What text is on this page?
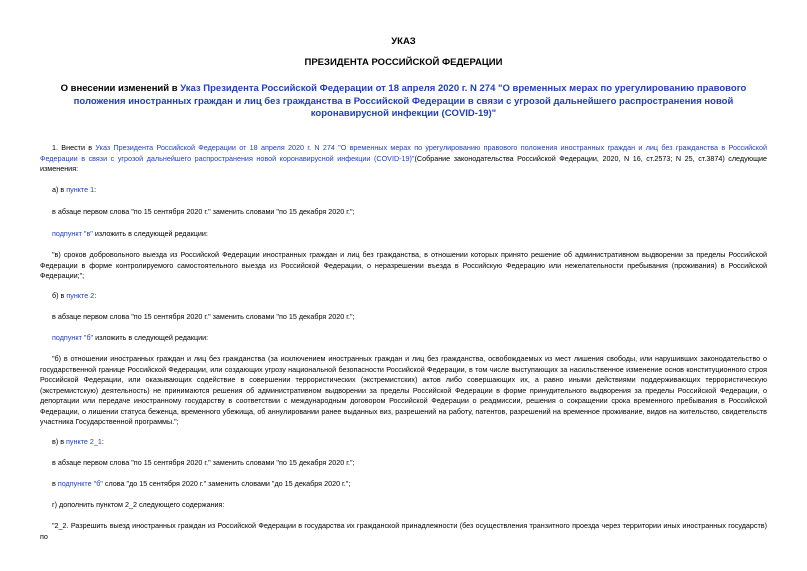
УКАЗ
ПРЕЗИДЕНТА РОССИЙСКОЙ ФЕДЕРАЦИИ
О внесении изменений в Указ Президента Российской Федерации от 18 апреля 2020 г. N 274 "О временных мерах по урегулированию правового положения иностранных граждан и лиц без гражданства в Российской Федерации в связи с угрозой дальнейшего распространения новой коронавирусной инфекции (COVID-19)"
1. Внести в Указ Президента Российской Федерации от 18 апреля 2020 г. N 274 "О временных мерах по урегулированию правового положения иностранных граждан и лиц без гражданства в Российской Федерации в связи с угрозой дальнейшего распространения новой коронавирусной инфекции (COVID-19)"(Собрание законодательства Российской Федерации, 2020, N 16, ст.2573; N 25, ст.3874) следующие изменения:
а) в пункте 1:
в абзаце первом слова "по 15 сентября 2020 г." заменить словами "по 15 декабря 2020 г.";
подпункт "в" изложить в следующей редакции:
"в) сроков добровольного выезда из Российской Федерации иностранных граждан и лиц без гражданства, в отношении которых принято решение об административном выдворении за пределы Российской Федерации в форме контролируемого самостоятельного выезда из Российской Федерации, о неразрешении въезда в Российскую Федерацию или нежелательности пребывания (проживания) в Российской Федерации;";
б) в пункте 2:
в абзаце первом слова "по 15 сентября 2020 г." заменить словами "по 15 декабря 2020 г.";
подпункт "б" изложить в следующей редакции:
"б) в отношении иностранных граждан и лиц без гражданства (за исключением иностранных граждан и лиц без гражданства, освобождаемых из мест лишения свободы, или нарушивших законодательство о государственной границе Российской Федерации, или создающих угрозу национальной безопасности Российской Федерации, в том числе выступающих за насильственное изменение основ конституционного строя Российской Федерации, или оказывающих содействие в совершении террористических (экстремистских) актов либо совершающих их, а равно иными действиями поддерживающих террористическую (экстремистскую) деятельность) не принимаются решения об административном выдворении за пределы Российской Федерации в форме принудительного выдворения за пределы Российской Федерации, о депортации или передаче иностранному государству в соответствии с международным договором Российской Федерации о реадмиссии, решения о сокращении срока временного пребывания в Российской Федерации, о лишении статуса беженца, временного убежища, об аннулировании ранее выданных виз, разрешений на работу, патентов, разрешений на временное проживание, видов на жительство, свидетельств участника Государственной программы.";
в) в пункте 2_1:
в абзаце первом слова "по 15 сентября 2020 г." заменить словами "по 15 декабря 2020 г.";
в подпункте "б" слова "до 15 сентября 2020 г." заменить словами "до 15 декабря 2020 г.";
г) дополнить пунктом 2_2 следующего содержания:
"2_2. Разрешить выезд иностранных граждан из Российской Федерации в государства их гражданской принадлежности (без осуществления транзитного проезда через территории иных иностранных государств) по
